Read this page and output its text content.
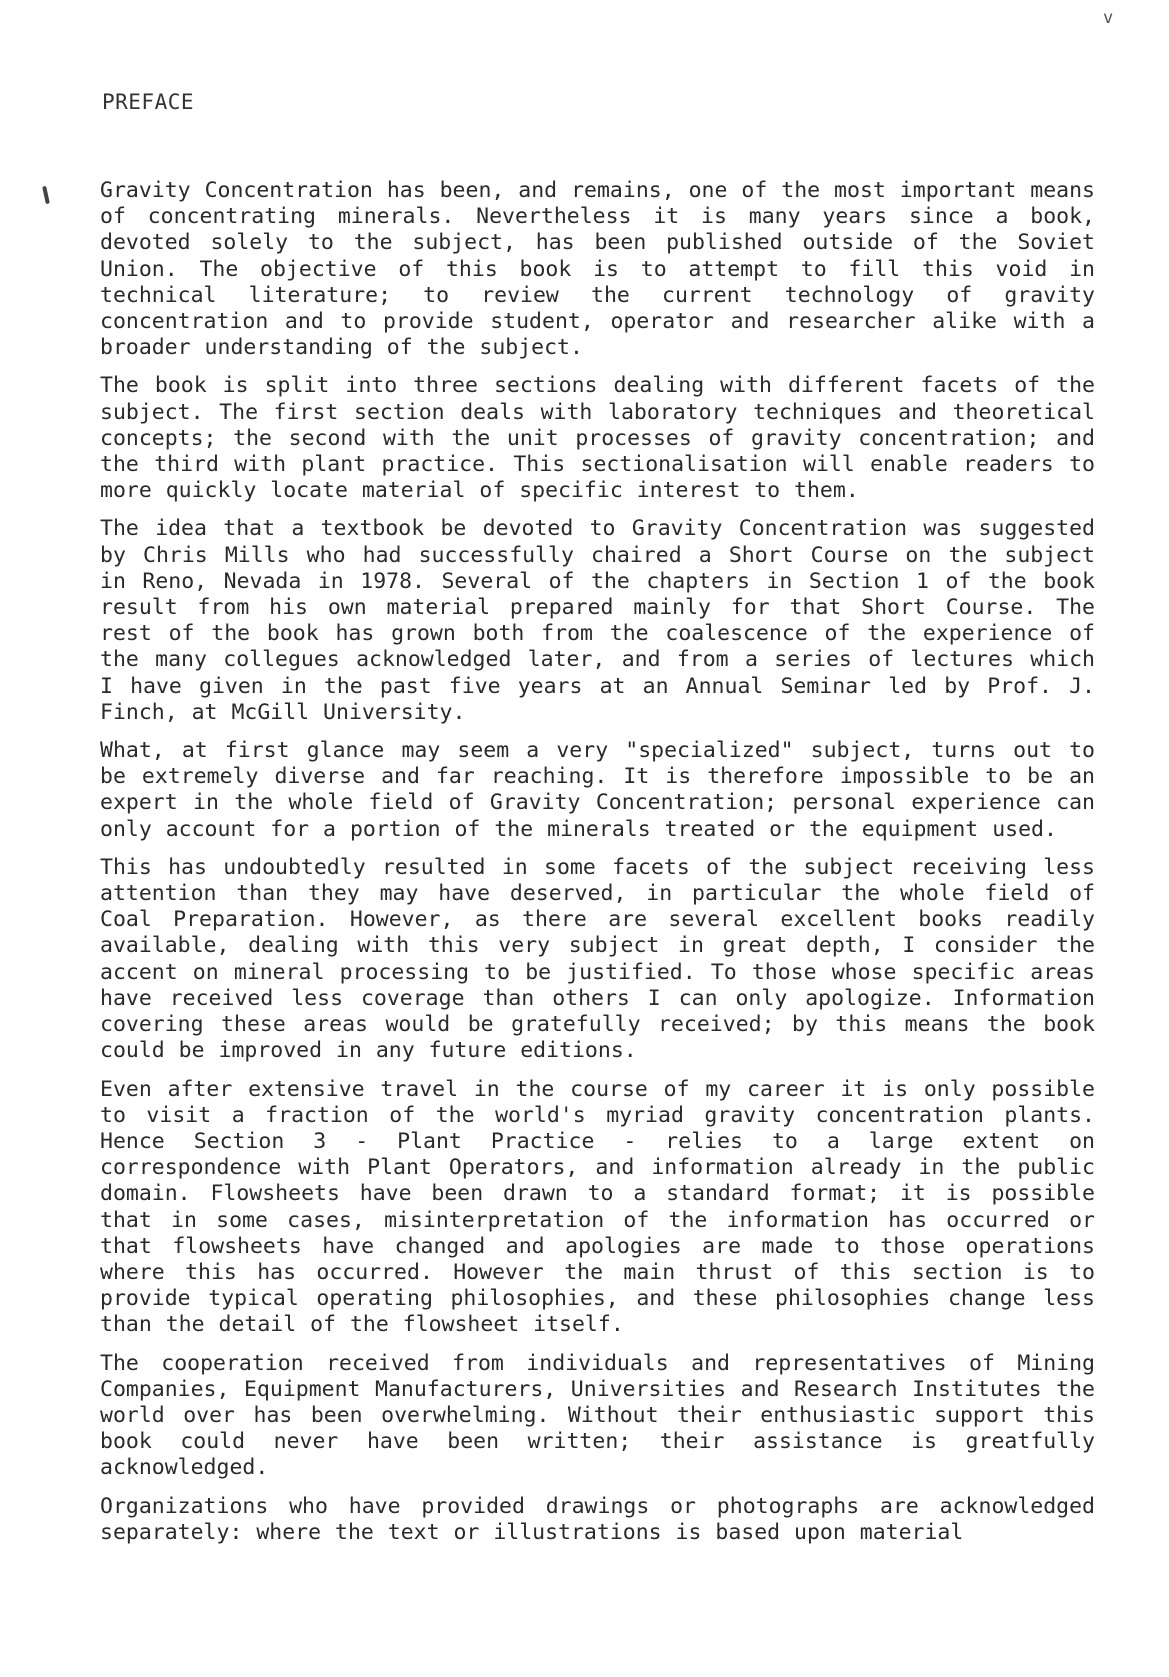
v
PREFACE

Gravity Concentration has been, and remains, one of the most important means of concentrating minerals. Nevertheless it is many years since a book, devoted solely to the subject, has been published outside of the Soviet Union. The objective of this book is to attempt to fill this void in technical literature; to review the current technology of gravity concentration and to provide student, operator and researcher alike with a broader understanding of the subject.

The book is split into three sections dealing with different facets of the subject. The first section deals with laboratory techniques and theoretical concepts; the second with the unit processes of gravity concentration; and the third with plant practice. This sectionalisation will enable readers to more quickly locate material of specific interest to them.

The idea that a textbook be devoted to Gravity Concentration was suggested by Chris Mills who had successfully chaired a Short Course on the subject in Reno, Nevada in 1978. Several of the chapters in Section 1 of the book result from his own material prepared mainly for that Short Course. The rest of the book has grown both from the coalescence of the experience of the many collegues acknowledged later, and from a series of lectures which I have given in the past five years at an Annual Seminar led by Prof. J. Finch, at McGill University.

What, at first glance may seem a very "specialized" subject, turns out to be extremely diverse and far reaching. It is therefore impossible to be an expert in the whole field of Gravity Concentration; personal experience can only account for a portion of the minerals treated or the equipment used.

This has undoubtedly resulted in some facets of the subject receiving less attention than they may have deserved, in particular the whole field of Coal Preparation. However, as there are several excellent books readily available, dealing with this very subject in great depth, I consider the accent on mineral processing to be justified. To those whose specific areas have received less coverage than others I can only apologize. Information covering these areas would be gratefully received; by this means the book could be improved in any future editions.

Even after extensive travel in the course of my career it is only possible to visit a fraction of the world's myriad gravity concentration plants. Hence Section 3 - Plant Practice - relies to a large extent on correspondence with Plant Operators, and information already in the public domain. Flowsheets have been drawn to a standard format; it is possible that in some cases, misinterpretation of the information has occurred or that flowsheets have changed and apologies are made to those operations where this has occurred. However the main thrust of this section is to provide typical operating philosophies, and these philosophies change less than the detail of the flowsheet itself.

The cooperation received from individuals and representatives of Mining Companies, Equipment Manufacturers, Universities and Research Institutes the world over has been overwhelming. Without their enthusiastic support this book could never have been written; their assistance is greatfully acknowledged.

Organizations who have provided drawings or photographs are acknowledged separately: where the text or illustrations is based upon material
